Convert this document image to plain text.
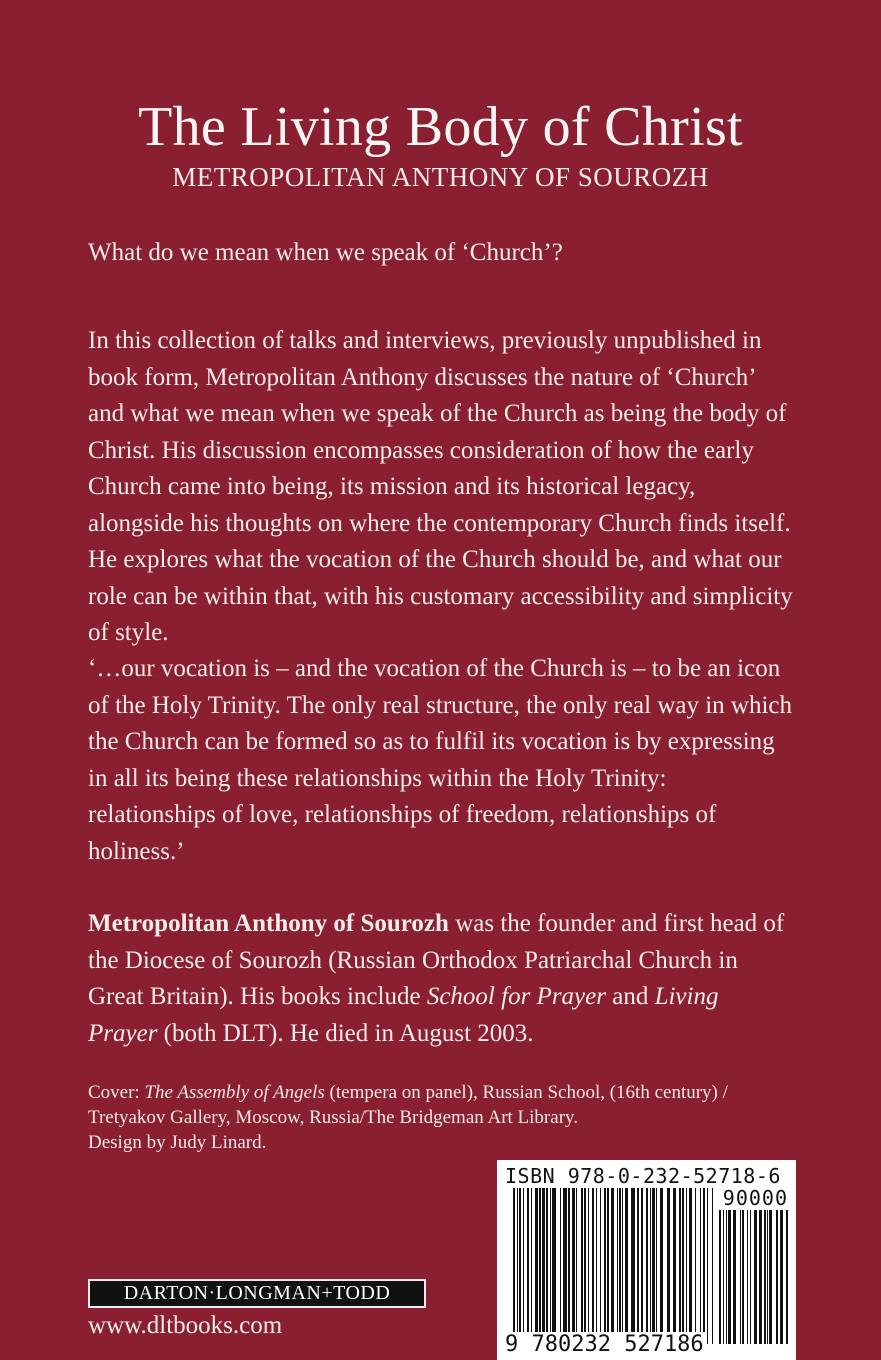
The Living Body of Christ
METROPOLITAN ANTHONY OF SOUROZH

What do we mean when we speak of ‘Church’?

In this collection of talks and interviews, previously unpublished in book form, Metropolitan Anthony discusses the nature of ‘Church’ and what we mean when we speak of the Church as being the body of Christ. His discussion encompasses consideration of how the early Church came into being, its mission and its historical legacy, alongside his thoughts on where the contemporary Church finds itself. He explores what the vocation of the Church should be, and what our role can be within that, with his customary accessibility and simplicity of style.

‘…our vocation is – and the vocation of the Church is – to be an icon of the Holy Trinity. The only real structure, the only real way in which the Church can be formed so as to fulfil its vocation is by expressing in all its being these relationships within the Holy Trinity: relationships of love, relationships of freedom, relationships of holiness.’

Metropolitan Anthony of Sourozh was the founder and first head of the Diocese of Sourozh (Russian Orthodox Patriarchal Church in Great Britain). His books include School for Prayer and Living Prayer (both DLT). He died in August 2003.

Cover: The Assembly of Angels (tempera on panel), Russian School, (16th century) / Tretyakov Gallery, Moscow, Russia/The Bridgeman Art Library.

Design by Judy Linard.

ISBN 978-0-232-52718-6
90000
9 780232 527186
DARTON·LONGMAN+TODD
www.dltbooks.com
